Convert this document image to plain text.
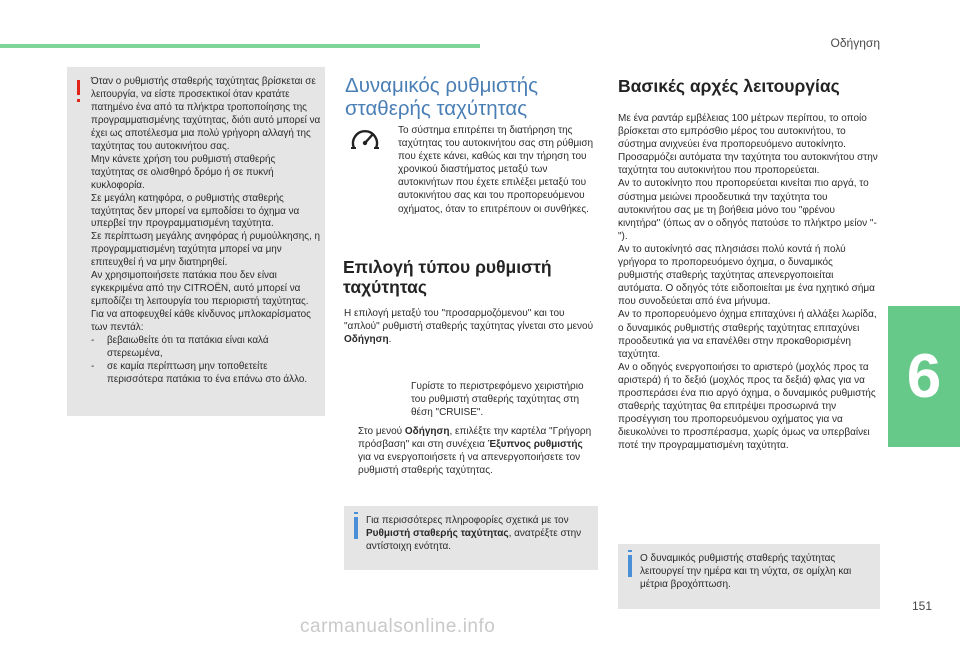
Οδήγηση
6
151

Όταν ο ρυθμιστής σταθερής ταχύτητας βρίσκεται σε λειτουργία, να είστε προσεκτικοί όταν κρατάτε πατημένο ένα από τα πλήκτρα τροποποίησης της προγραμματισμένης ταχύτητας, διότι αυτό μπορεί να έχει ως αποτέλεσμα μια πολύ γρήγορη αλλαγή της ταχύτητας του αυτοκινήτου σας.

Μην κάνετε χρήση του ρυθμιστή σταθερής ταχύτητας σε ολισθηρό δρόμο ή σε πυκνή κυκλοφορία.

Σε μεγάλη κατηφόρα, ο ρυθμιστής σταθερής ταχύτητας δεν μπορεί να εμποδίσει το όχημα να υπερβεί την προγραμματισμένη ταχύτητα.

Σε περίπτωση μεγάλης ανηφόρας ή ρυμούλκησης, η προγραμματισμένη ταχύτητα μπορεί να μην επιτευχθεί ή να μην διατηρηθεί.

Αν χρησιμοποιήσετε πατάκια που δεν είναι εγκεκριμένα από την CITROËN, αυτό μπορεί να εμποδίζει τη λειτουργία του περιοριστή ταχύτητας.

Για να αποφευχθεί κάθε κίνδυνος μπλοκαρίσματος των πεντάλ:

-	βεβαιωθείτε ότι τα πατάκια είναι καλά στερεωμένα,
-	σε καμία περίπτωση μην τοποθετείτε περισσότερα πατάκια το ένα επάνω στο άλλο.
Δυναμικός ρυθμιστής σταθερής ταχύτητας

Το σύστημα επιτρέπει τη διατήρηση της ταχύτητας του αυτοκινήτου σας στη ρύθμιση που έχετε κάνει, καθώς και την τήρηση του χρονικού διαστήματος μεταξύ των αυτοκινήτων που έχετε επιλέξει μεταξύ του αυτοκινήτου σας και του προπορευόμενου οχήματος, όταν το επιτρέπουν οι συνθήκες.

Επιλογή τύπου ρυθμιστή ταχύτητας

Η επιλογή μεταξύ του "προσαρμοζόμενου" και του "απλού" ρυθμιστή σταθερής ταχύτητας γίνεται στο μενού Οδήγηση.

Γυρίστε το περιστρεφόμενο χειριστήριο του ρυθμιστή σταθερής ταχύτητας στη θέση "CRUISE".
Στο μενού Οδήγηση, επιλέξτε την καρτέλα "Γρήγορη πρόσβαση" και στη συνέχεια Έξυπνος ρυθμιστής για να ενεργοποιήσετε ή να απενεργοποιήσετε τον ρυθμιστή σταθερής ταχύτητας.
Για περισσότερες πληροφορίες σχετικά με τον Ρυθμιστή σταθερής ταχύτητας, ανατρέξτε στην αντίστοιχη ενότητα.
Βασικές αρχές λειτουργίας

Με ένα ραντάρ εμβέλειας 100 μέτρων περίπου, το οποίο βρίσκεται στο εμπρόσθιο μέρος του αυτοκινήτου, το σύστημα ανιχνεύει ένα προπορευόμενο αυτοκίνητο.

Προσαρμόζει αυτόματα την ταχύτητα του αυτοκινήτου στην ταχύτητα του αυτοκινήτου που προπορεύεται.

Αν το αυτοκίνητο που προπορεύεται κινείται πιο αργά, το σύστημα μειώνει προοδευτικά την ταχύτητα του αυτοκινήτου σας με τη βοήθεια μόνο του "φρένου κινητήρα" (όπως αν ο οδηγός πατούσε το πλήκτρο μείον "-").

Αν το αυτοκίνητό σας πλησιάσει πολύ κοντά ή πολύ γρήγορα το προπορευόμενο όχημα, ο δυναμικός ρυθμιστής σταθερής ταχύτητας απενεργοποιείται αυτόματα. Ο οδηγός τότε ειδοποιείται με ένα ηχητικό σήμα που συνοδεύεται από ένα μήνυμα.

Αν το προπορευόμενο όχημα επιταχύνει ή αλλάξει λωρίδα, ο δυναμικός ρυθμιστής σταθερής ταχύτητας επιταχύνει προοδευτικά για να επανέλθει στην προκαθορισμένη ταχύτητα.

Αν ο οδηγός ενεργοποιήσει το αριστερό (μοχλός προς τα αριστερά) ή το δεξιό (μοχλός προς τα δεξιά) φλας για να προσπεράσει ένα πιο αργό όχημα, ο δυναμικός ρυθμιστής σταθερής ταχύτητας θα επιτρέψει προσωρινά την προσέγγιση του προπορευόμενου οχήματος για να διευκολύνει το προσπέρασμα, χωρίς όμως να υπερβαίνει ποτέ την προγραμματισμένη ταχύτητα.

Ο δυναμικός ρυθμιστής σταθερής ταχύτητας λειτουργεί την ημέρα και τη νύχτα, σε ομίχλη και μέτρια βροχόπτωση.
carmanualsonline.info
